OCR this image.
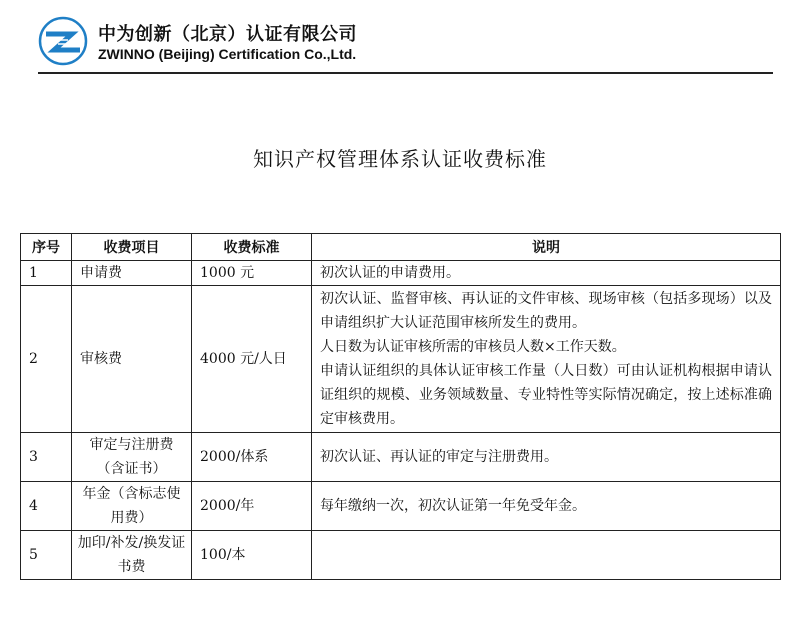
中为创新（北京）认证有限公司
ZWINNO (Beijing) Certification Co.,Ltd.
知识产权管理体系认证收费标准
序号	收费项目	收费标准	说明
1	申请费	1000 元	初次认证的申请费用。

2	审核费	4000 元/人日	初次认证、监督审核、再认证的文件审核、现场审核（包括多现场）以及申请组织扩大认证范围审核所发生的费用。
人日数为认证审核所需的审核员人数×工作天数。
申请认证组织的具体认证审核工作量（人日数）可由认证机构根据申请认证组织的规模、业务领域数量、专业特性等实际情况确定，按上述标准确定审核费用。

3	审定与注册费（含证书）	2000/体系	初次认证、再认证的审定与注册费用。

4	年金（含标志使用费）	2000/年	每年缴纳一次，初次认证第一年免受年金。

5	加印/补发/换发证书费	100/本	
